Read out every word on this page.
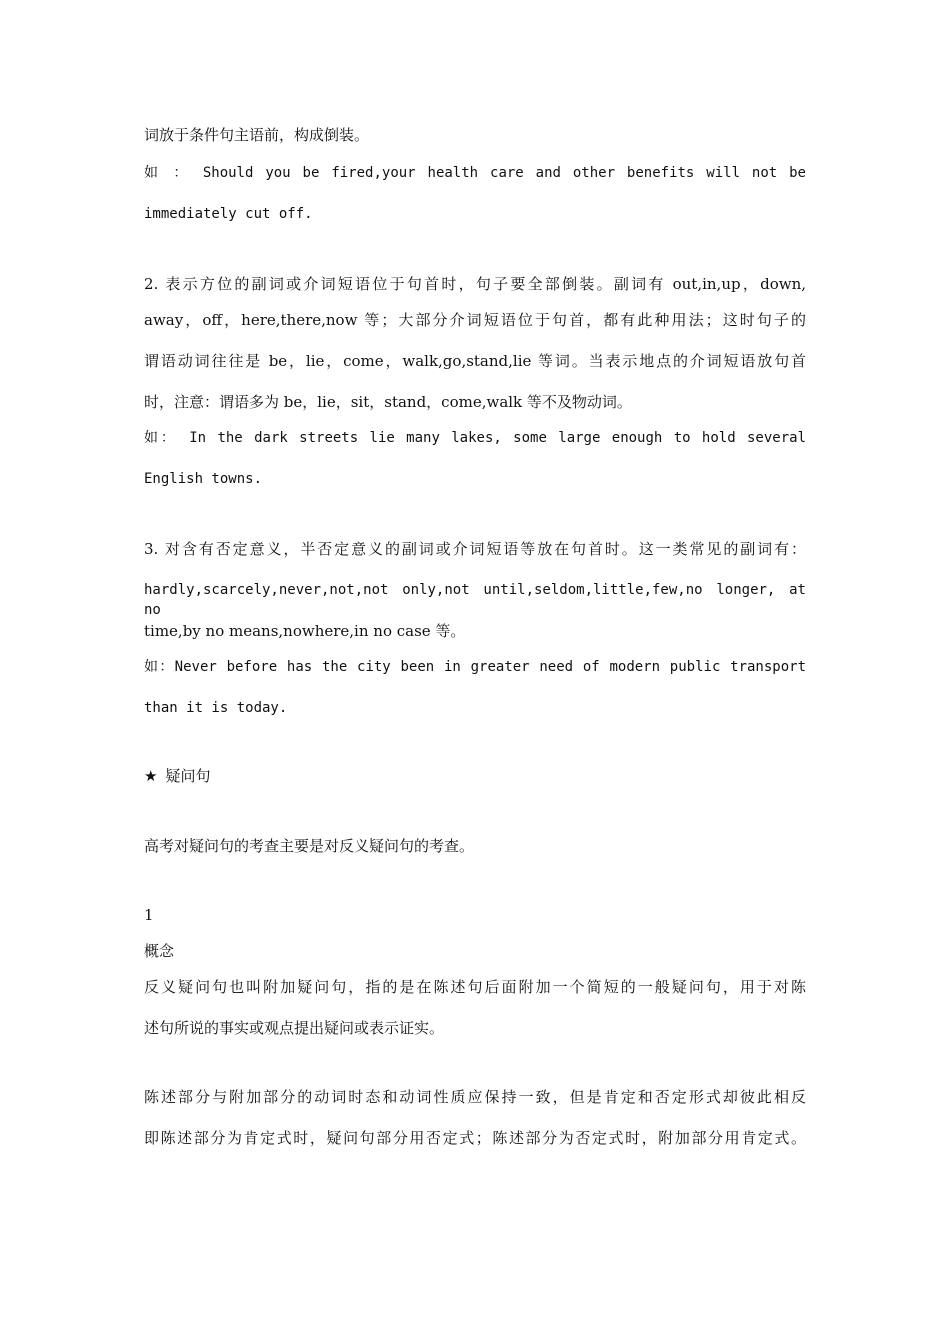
词放于条件句主语前，构成倒装。
如 ： Should you be fired,your health care and other benefits will not be
immediately cut off.
2. 表示方位的副词或介词短语位于句首时，句子要全部倒装。副词有 out,in,up，down,
away，off，here,there,now 等；大部分介词短语位于句首，都有此种用法；这时句子的
谓语动词往往是 be，lie，come，walk,go,stand,lie 等词。当表示地点的介词短语放句首
时，注意：谓语多为 be，lie，sit，stand，come,walk 等不及物动词。
如： In the dark streets lie many lakes, some large enough to hold several
English towns.
3. 对含有否定意义，半否定意义的副词或介词短语等放在句首时。这一类常见的副词有：
hardly,scarcely,never,not,not only,not until,seldom,little,few,no longer, at no
time,by no means,nowhere,in no case 等。
如：Never before has the city been in greater need of modern public transport
than it is today.
★ 疑问句
高考对疑问句的考查主要是对反义疑问句的考查。
1
概念
反义疑问句也叫附加疑问句，指的是在陈述句后面附加一个简短的一般疑问句，用于对陈
述句所说的事实或观点提出疑问或表示证实。
陈述部分与附加部分的动词时态和动词性质应保持一致，但是肯定和否定形式却彼此相反
即陈述部分为肯定式时，疑问句部分用否定式；陈述部分为否定式时，附加部分用肯定式。
